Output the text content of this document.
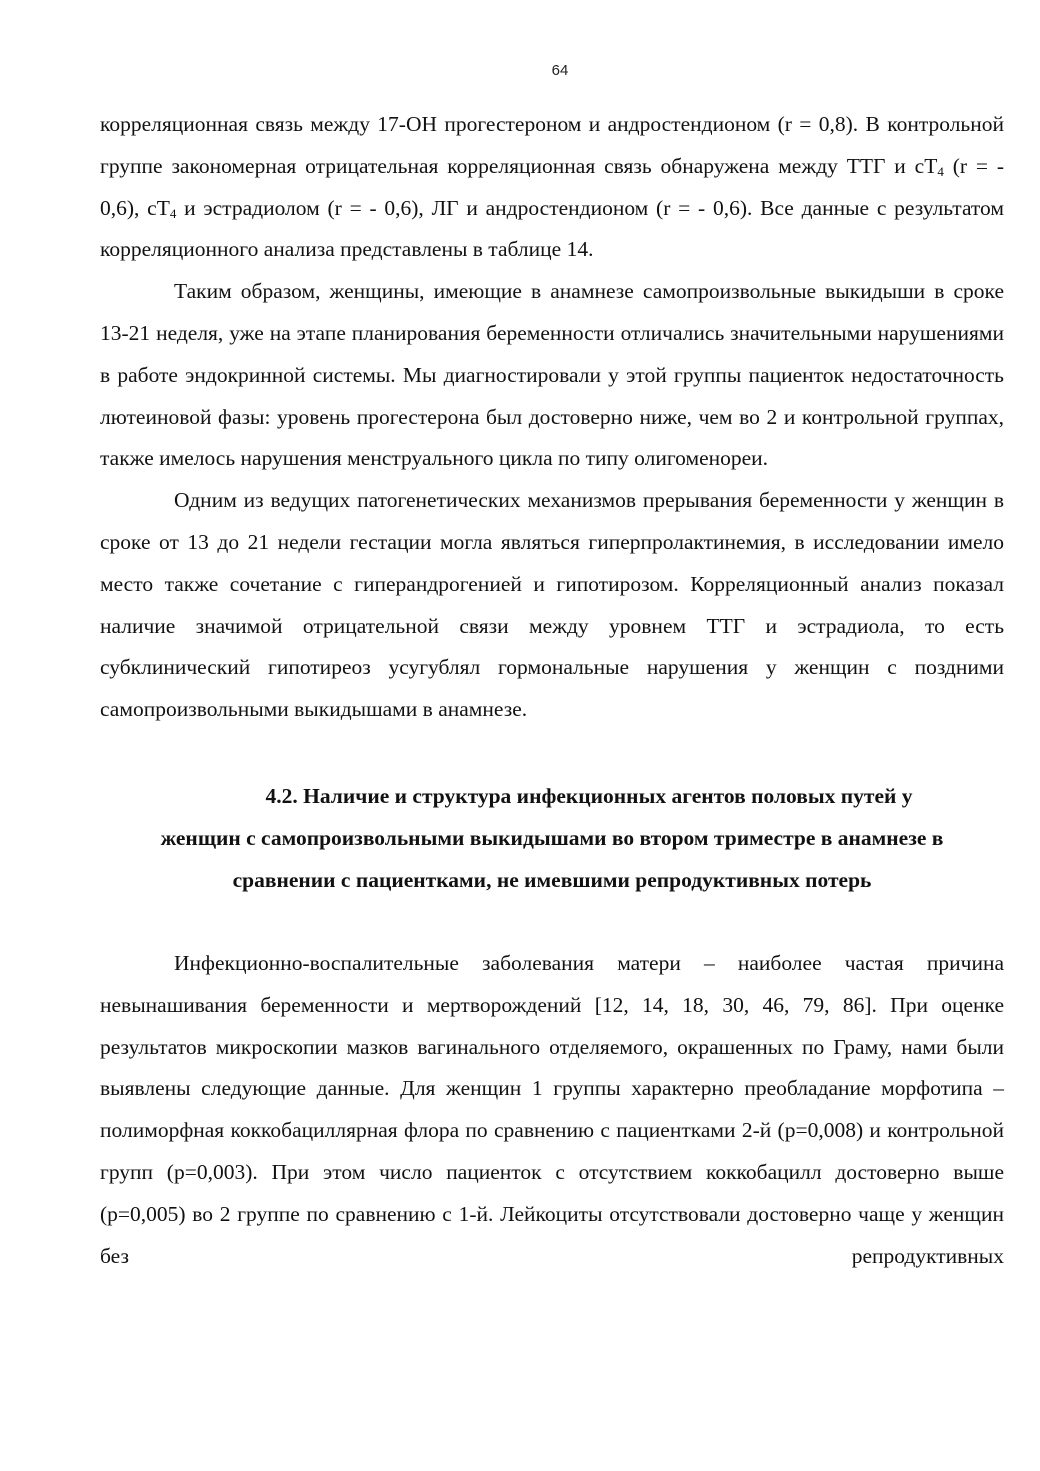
64

корреляционная связь между 17-ОН прогестероном и андростендионом (r = 0,8). В контрольной группе закономерная отрицательная корреляционная связь обнаружена между ТТГ и $сТ_4$ (r = - 0,6), $сТ_4$ и эстрадиолом (r = - 0,6), ЛГ и андростендионом (r = - 0,6). Все данные с результатом корреляционного анализа представлены в таблице 14.

Таким образом, женщины, имеющие в анамнезе самопроизвольные выкидыши в сроке 13-21 неделя, уже на этапе планирования беременности отличались значительными нарушениями в работе эндокринной системы. Мы диагностировали у этой группы пациенток недостаточность лютеиновой фазы: уровень прогестерона был достоверно ниже, чем во 2 и контрольной группах, также имелось нарушения менструального цикла по типу олигоменореи.

Одним из ведущих патогенетических механизмов прерывания беременности у женщин в сроке от 13 до 21 недели гестации могла являться гиперпролактинемия, в исследовании имело место также сочетание с гиперандрогенией и гипотирозом. Корреляционный анализ показал наличие значимой отрицательной связи между уровнем ТТГ и эстрадиола, то есть субклинический гипотиреоз усугублял гормональные нарушения у женщин с поздними самопроизвольными выкидышами в анамнезе.

4.2. Наличие и структура инфекционных агентов половых путей у
женщин с самопроизвольными выкидышами во втором триместре в анамнезе в
сравнении с пациентками, не имевшими репродуктивных потерь

Инфекционно-воспалительные заболевания матери – наиболее частая причина невынашивания беременности и мертворождений [12, 14, 18, 30, 46, 79, 86]. При оценке результатов микроскопии мазков вагинального отделяемого, окрашенных по Граму, нами были выявлены следующие данные. Для женщин 1 группы характерно преобладание морфотипа – полиморфная коккобациллярная флора по сравнению с пациентками 2-й (p=0,008) и контрольной групп (p=0,003). При этом число пациенток с отсутствием коккобацилл достоверно выше (p=0,005) во 2 группе по сравнению с 1-й. Лейкоциты отсутствовали достоверно чаще у женщин без репродуктивных
